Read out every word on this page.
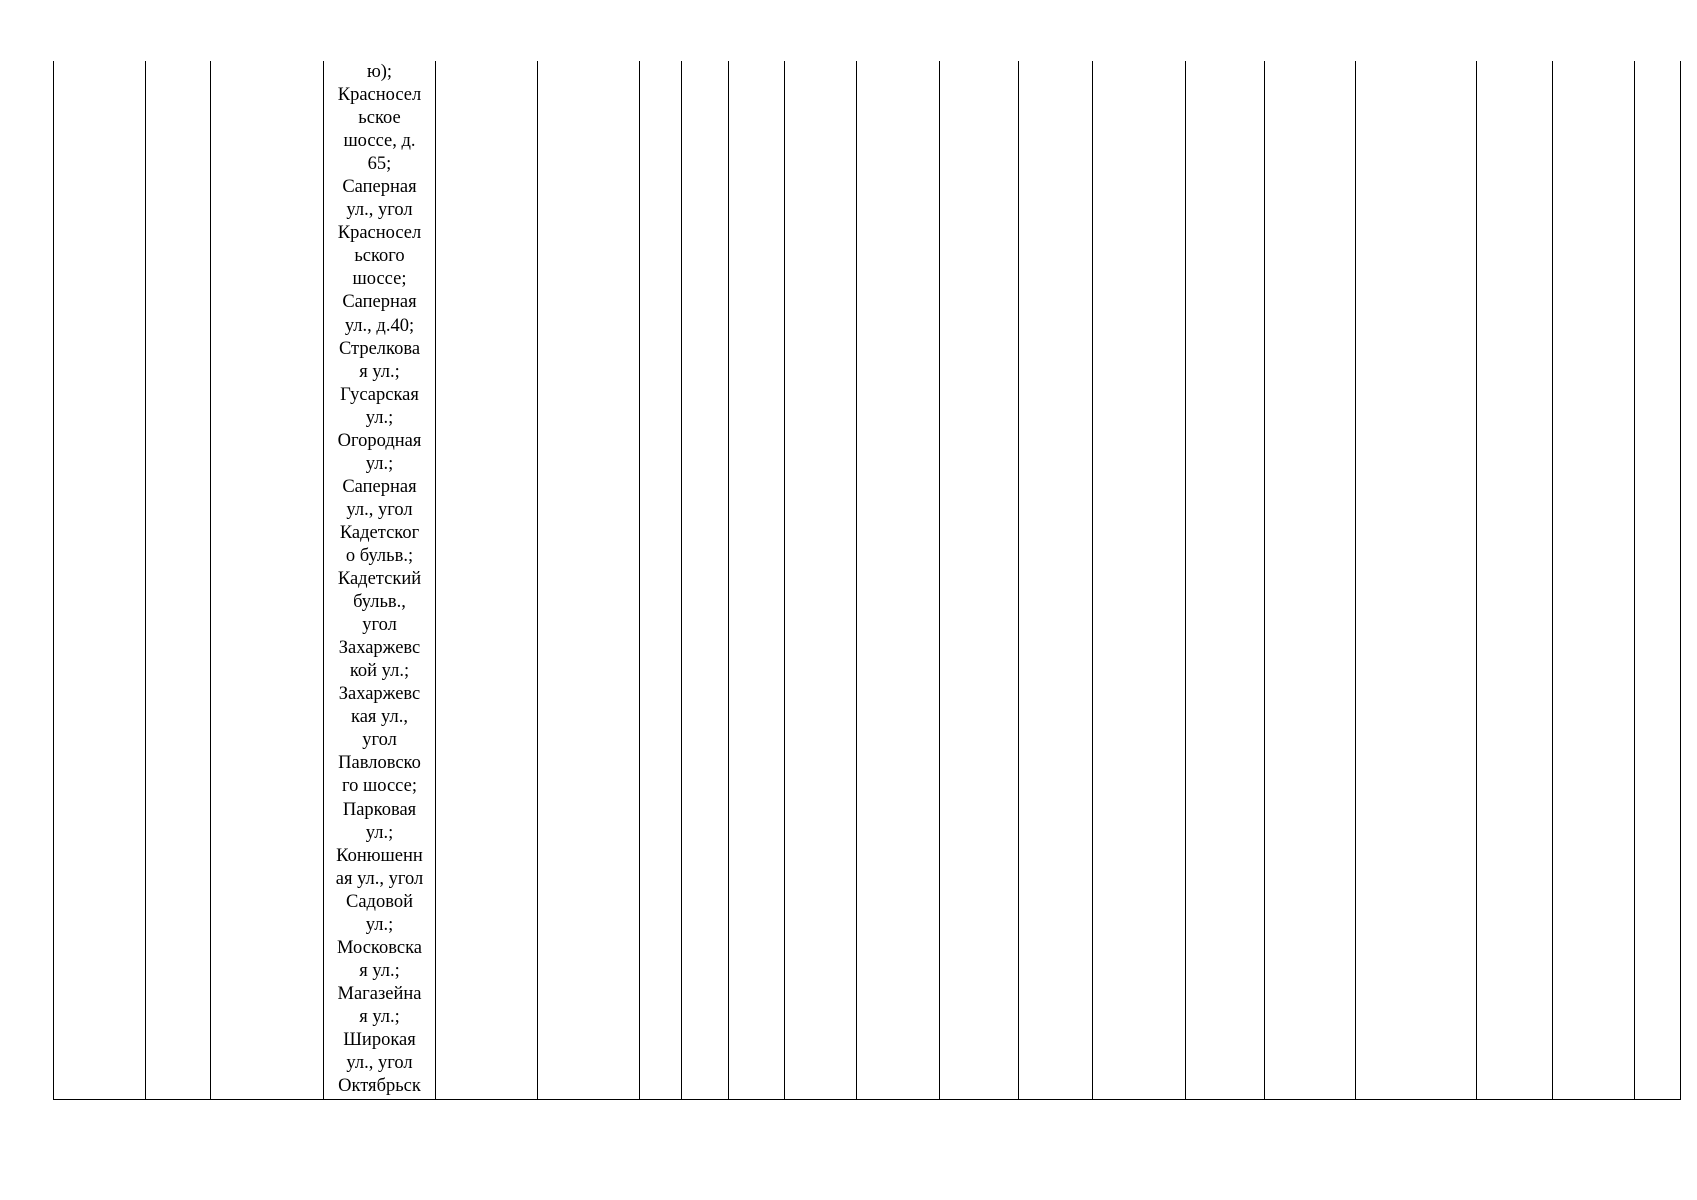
ю);
Красносел
ьское
шоссе, д.
65;
Саперная
ул., угол
Красносел
ьского
шоссе;
Саперная
ул., д.40;
Стрелкова
я ул.;
Гусарская
ул.;
Огородная
ул.;
Саперная
ул., угол
Кадетског
о бульв.;
Кадетский
бульв.,
угол
Захаржевс
кой ул.;
Захаржевс
кая ул.,
угол
Павловско
го шоссе;
Парковая
ул.;
Конюшенн
ая ул., угол
Садовой
ул.;
Московска
я ул.;
Магазейна
я ул.;
Широкая
ул., угол
Октябрьск
